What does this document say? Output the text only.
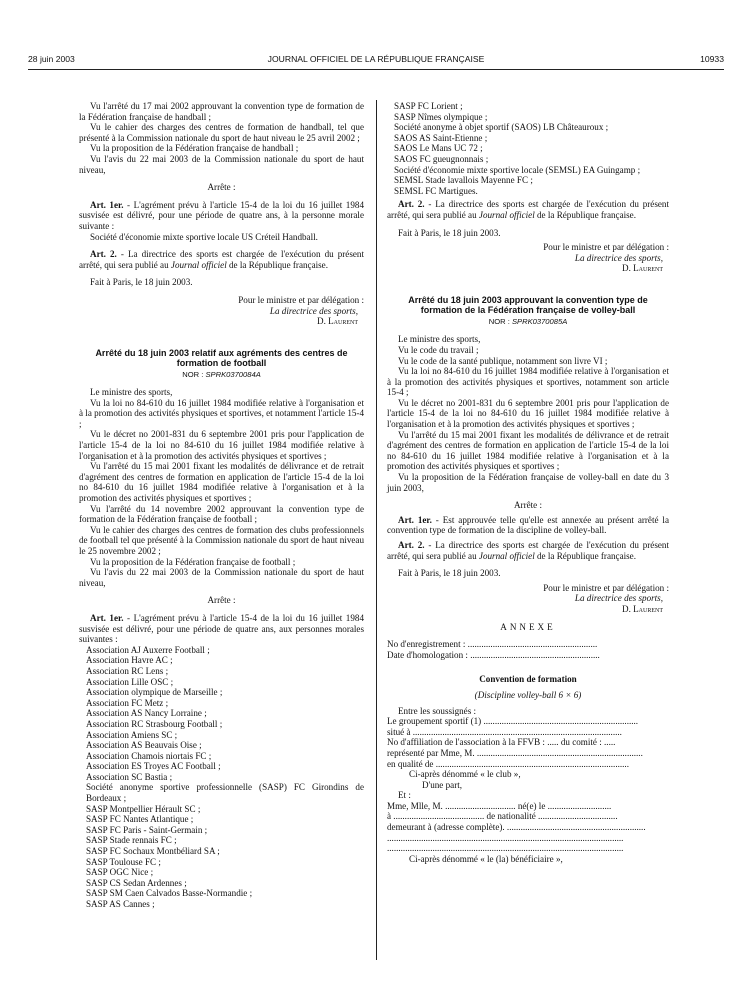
28 juin 2003	JOURNAL OFFICIEL DE LA RÉPUBLIQUE FRANÇAISE	10933

Vu l'arrêté du 17 mai 2002 approuvant la convention type de formation de la Fédération française de handball ;

Vu le cahier des charges des centres de formation de handball, tel que présenté à la Commission nationale du sport de haut niveau le 25 avril 2002 ;

Vu la proposition de la Fédération française de handball ;

Vu l'avis du 22 mai 2003 de la Commission nationale du sport de haut niveau,

Arrête :

Art. 1er. - L'agrément prévu à l'article 15-4 de la loi du 16 juillet 1984 susvisée est délivré, pour une période de quatre ans, à la personne morale suivante :

Société d'économie mixte sportive locale US Créteil Handball.

Art. 2. - La directrice des sports est chargée de l'exécution du présent arrêté, qui sera publié au Journal officiel de la République française.

Fait à Paris, le 18 juin 2003.

Pour le ministre et par délégation :

La directrice des sports,

D. Laurent

Arrêté du 18 juin 2003 relatif aux agréments des centres de formation de football

NOR : SPRK0370084A

Le ministre des sports,

Vu la loi no 84-610 du 16 juillet 1984 modifiée relative à l'organisation et à la promotion des activités physiques et sportives, et notamment l'article 15-4 ;

Vu le décret no 2001-831 du 6 septembre 2001 pris pour l'application de l'article 15-4 de la loi no 84-610 du 16 juillet 1984 modifiée relative à l'organisation et à la promotion des activités physiques et sportives ;

Vu l'arrêté du 15 mai 2001 fixant les modalités de délivrance et de retrait d'agrément des centres de formation en application de l'article 15-4 de la loi no 84-610 du 16 juillet 1984 modifiée relative à l'organisation et à la promotion des activités physiques et sportives ;

Vu l'arrêté du 14 novembre 2002 approuvant la convention type de formation de la Fédération française de football ;

Vu le cahier des charges des centres de formation des clubs professionnels de football tel que présenté à la Commission nationale du sport de haut niveau le 25 novembre 2002 ;

Vu la proposition de la Fédération française de football ;

Vu l'avis du 22 mai 2003 de la Commission nationale du sport de haut niveau,

Arrête :

Art. 1er. - L'agrément prévu à l'article 15-4 de la loi du 16 juillet 1984 susvisée est délivré, pour une période de quatre ans, aux personnes morales suivantes :

Association AJ Auxerre Football ;

Association Havre AC ;

Association RC Lens ;

Association Lille OSC ;

Association olympique de Marseille ;

Association FC Metz ;

Association AS Nancy Lorraine ;

Association RC Strasbourg Football ;

Association Amiens SC ;

Association AS Beauvais Oise ;

Association Chamois niortais FC ;

Association ES Troyes AC Football ;

Association SC Bastia ;

Société anonyme sportive professionnelle (SASP) FC Girondins de Bordeaux ;

SASP Montpellier Hérault SC ;

SASP FC Nantes Atlantique ;

SASP FC Paris - Saint-Germain ;

SASP Stade rennais FC ;

SASP FC Sochaux Montbéliard SA ;

SASP Toulouse FC ;

SASP OGC Nice ;

SASP CS Sedan Ardennes ;

SASP SM Caen Calvados Basse-Normandie ;

SASP AS Cannes ;

SASP FC Lorient ;

SASP Nîmes olympique ;

Société anonyme à objet sportif (SAOS) LB Châteauroux ;

SAOS AS Saint-Etienne ;

SAOS Le Mans UC 72 ;

SAOS FC gueugnonnais ;

Société d'économie mixte sportive locale (SEMSL) EA Guingamp ;

SEMSL Stade lavallois Mayenne FC ;

SEMSL FC Martigues.

Art. 2. - La directrice des sports est chargée de l'exécution du présent arrêté, qui sera publié au Journal officiel de la République française.

Fait à Paris, le 18 juin 2003.

Pour le ministre et par délégation :

La directrice des sports,

D. Laurent

Arrêté du 18 juin 2003 approuvant la convention type de formation de la Fédération française de volley-ball

NOR : SPRK0370085A

Le ministre des sports,

Vu le code du travail ;

Vu le code de la santé publique, notamment son livre VI ;

Vu la loi no 84-610 du 16 juillet 1984 modifiée relative à l'organisation et à la promotion des activités physiques et sportives, notamment son article 15-4 ;

Vu le décret no 2001-831 du 6 septembre 2001 pris pour l'application de l'article 15-4 de la loi no 84-610 du 16 juillet 1984 modifiée relative à l'organisation et à la promotion des activités physiques et sportives ;

Vu l'arrêté du 15 mai 2001 fixant les modalités de délivrance et de retrait d'agrément des centres de formation en application de l'article 15-4 de la loi no 84-610 du 16 juillet 1984 modifiée relative à l'organisation et à la promotion des activités physiques et sportives ;

Vu la proposition de la Fédération française de volley-ball en date du 3 juin 2003,

Arrête :

Art. 1er. - Est approuvée telle qu'elle est annexée au présent arrêté la convention type de formation de la discipline de volley-ball.

Art. 2. - La directrice des sports est chargée de l'exécution du présent arrêté, qui sera publié au Journal officiel de la République française.

Fait à Paris, le 18 juin 2003.

Pour le ministre et par délégation :

La directrice des sports,

D. Laurent

ANNEXE

No d'enregistrement : .........................................................

Date d'homologation : .........................................................

Convention de formation

(Discipline volley-ball 6 × 6)

Entre les soussignés :

Le groupement sportif (1) ....................................................................

situé à ............................................................................................

No d'affiliation de l'association à la FFVB : ..... du comité : .....

représenté par Mme, M. .........................................................................

en qualité de .....................................................................................

Ci-après dénommé « le club »,

D'une part,

Et :

Mme, Mlle, M. ............................... né(e) le ............................

à ........................................ de nationalité ...................................

demeurant à (adresse complète). .............................................................

........................................................................................................

........................................................................................................

Ci-après dénommé « le (la) bénéficiaire »,
